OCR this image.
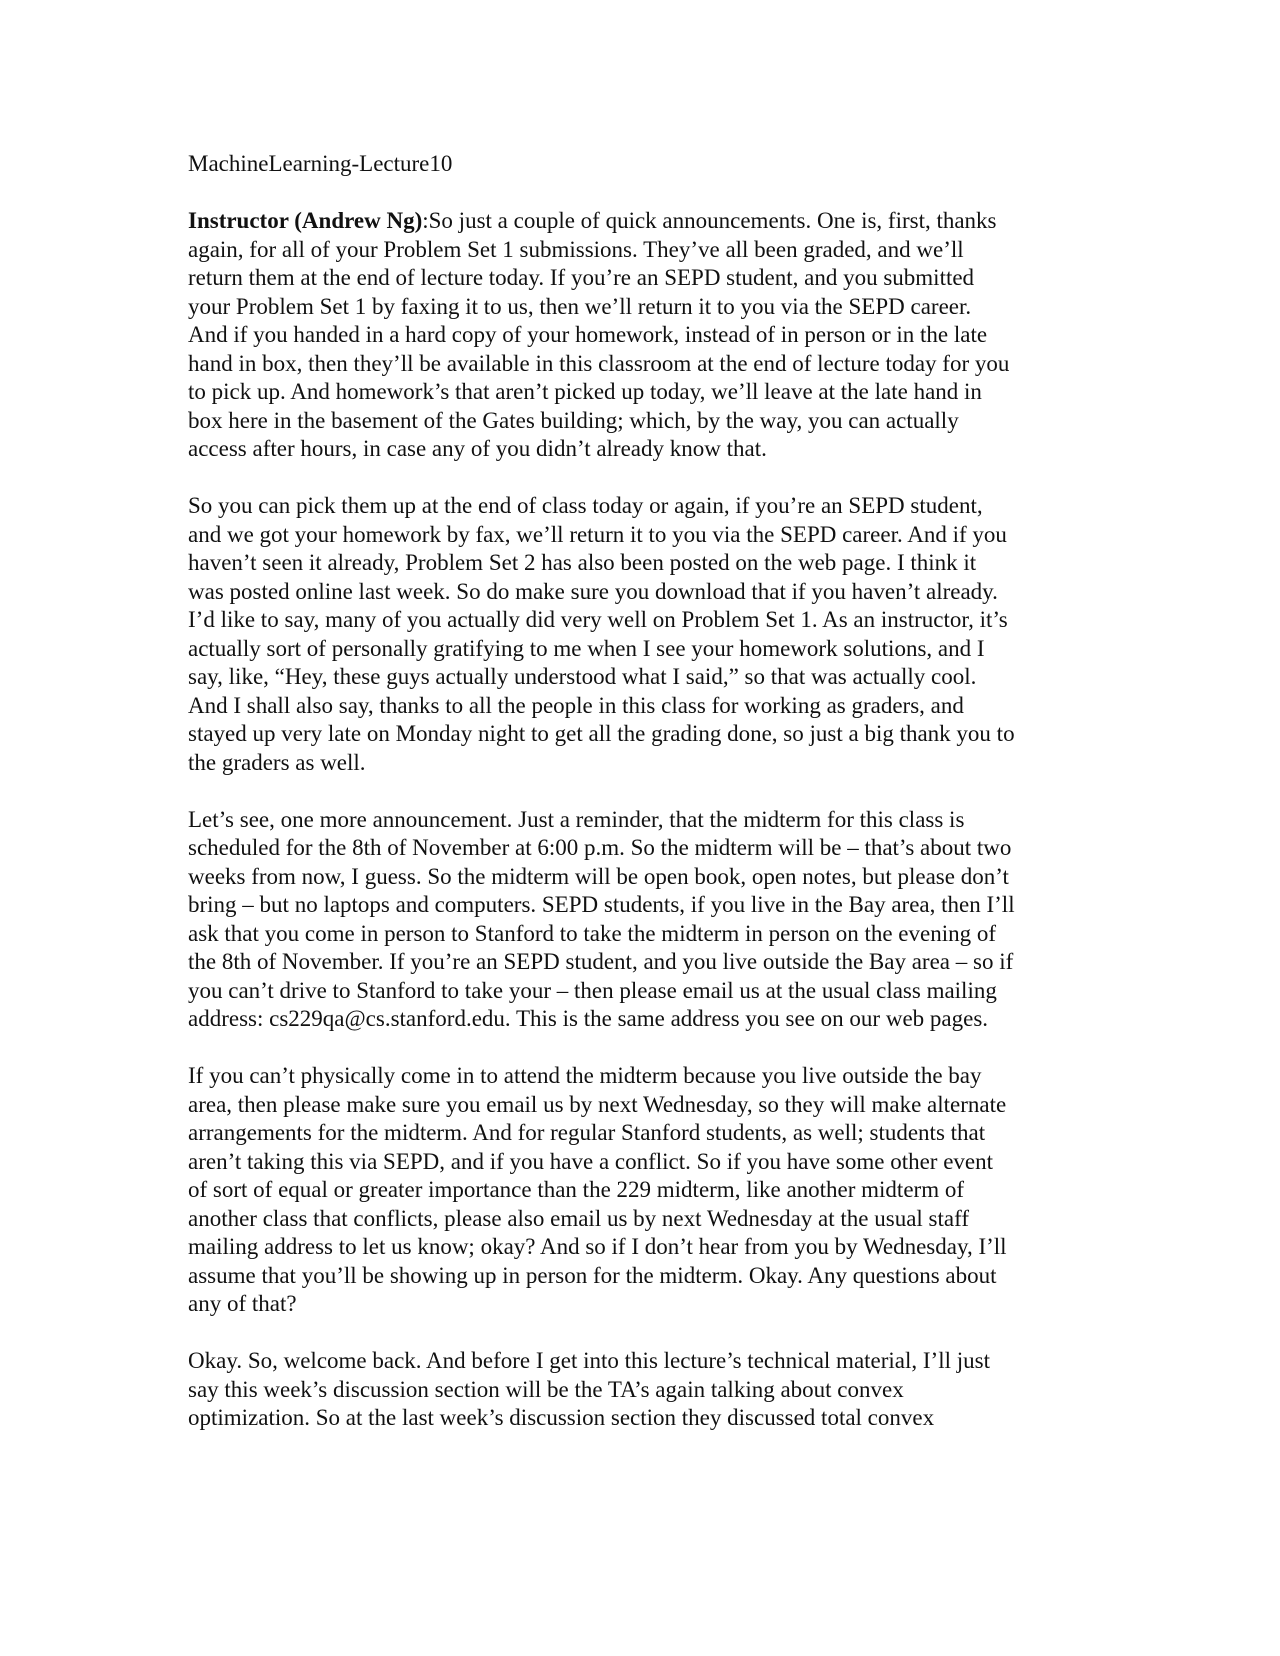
MachineLearning-Lecture10
Instructor (Andrew Ng):So just a couple of quick announcements. One is, first, thanks
again, for all of your Problem Set 1 submissions. They’ve all been graded, and we’ll
return them at the end of lecture today. If you’re an SEPD student, and you submitted
your Problem Set 1 by faxing it to us, then we’ll return it to you via the SEPD career.
And if you handed in a hard copy of your homework, instead of in person or in the late
hand in box, then they’ll be available in this classroom at the end of lecture today for you
to pick up. And homework’s that aren’t picked up today, we’ll leave at the late hand in
box here in the basement of the Gates building; which, by the way, you can actually
access after hours, in case any of you didn’t already know that.
So you can pick them up at the end of class today or again, if you’re an SEPD student,
and we got your homework by fax, we’ll return it to you via the SEPD career. And if you
haven’t seen it already, Problem Set 2 has also been posted on the web page. I think it
was posted online last week. So do make sure you download that if you haven’t already.
I’d like to say, many of you actually did very well on Problem Set 1. As an instructor, it’s
actually sort of personally gratifying to me when I see your homework solutions, and I
say, like, “Hey, these guys actually understood what I said,” so that was actually cool.
And I shall also say, thanks to all the people in this class for working as graders, and
stayed up very late on Monday night to get all the grading done, so just a big thank you to
the graders as well.
Let’s see, one more announcement. Just a reminder, that the midterm for this class is
scheduled for the 8th of November at 6:00 p.m. So the midterm will be – that’s about two
weeks from now, I guess. So the midterm will be open book, open notes, but please don’t
bring – but no laptops and computers. SEPD students, if you live in the Bay area, then I’ll
ask that you come in person to Stanford to take the midterm in person on the evening of
the 8th of November. If you’re an SEPD student, and you live outside the Bay area – so if
you can’t drive to Stanford to take your – then please email us at the usual class mailing
address: cs229qa@cs.stanford.edu. This is the same address you see on our web pages.
If you can’t physically come in to attend the midterm because you live outside the bay
area, then please make sure you email us by next Wednesday, so they will make alternate
arrangements for the midterm. And for regular Stanford students, as well; students that
aren’t taking this via SEPD, and if you have a conflict. So if you have some other event
of sort of equal or greater importance than the 229 midterm, like another midterm of
another class that conflicts, please also email us by next Wednesday at the usual staff
mailing address to let us know; okay? And so if I don’t hear from you by Wednesday, I’ll
assume that you’ll be showing up in person for the midterm. Okay. Any questions about
any of that?
Okay. So, welcome back. And before I get into this lecture’s technical material, I’ll just
say this week’s discussion section will be the TA’s again talking about convex
optimization. So at the last week’s discussion section they discussed total convex
